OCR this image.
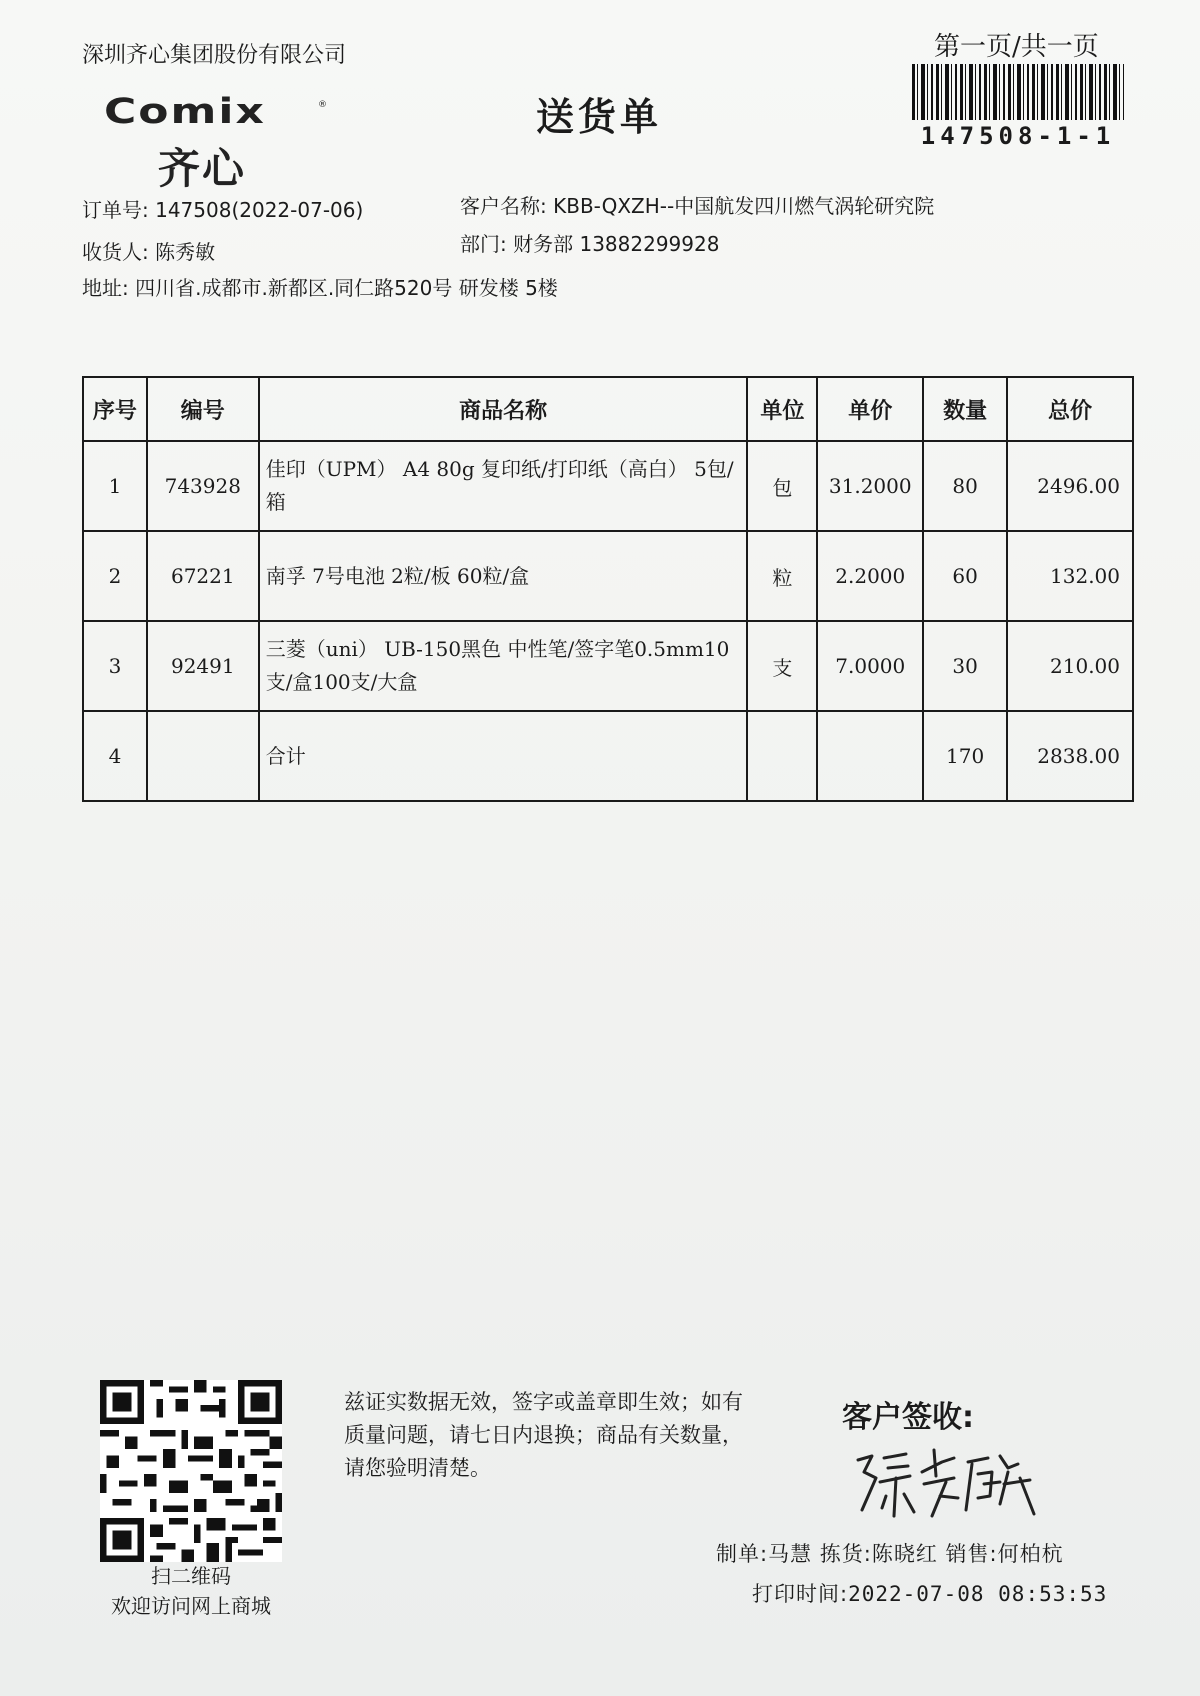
深圳齐心集团股份有限公司	第一页/共一页
147508-1-1
Comix	®
齐心
送货单
订单号: 147508(2022-07-06)	客户名称: KBB-QXZH--中国航发四川燃气涡轮研究院
收货人: 陈秀敏	部门: 财务部 13882299928
地址: 四川省.成都市.新都区.同仁路520号 研发楼 5楼
序号	编号	商品名称	单位	单价	数量	总价
1	743928	佳印（UPM） A4 80g 复印纸/打印纸（高白） 5包/箱	包	31.2000	80	2496.00
2	67221	南孚 7号电池 2粒/板 60粒/盒	粒	2.2000	60	132.00
3	92491	三菱（uni） UB-150黑色 中性笔/签字笔0.5mm10支/盒100支/大盒	支	7.0000	30	210.00
4		合计			170	2838.00
扫二维码
欢迎访问网上商城
兹证实数据无效，签字或盖章即生效；如有质量问题，请七日内退换；商品有关数量，请您验明清楚。
客户签收:
制单:马慧 拣货:陈晓红 销售:何柏杭
打印时间:2022-07-08 08:53:53
